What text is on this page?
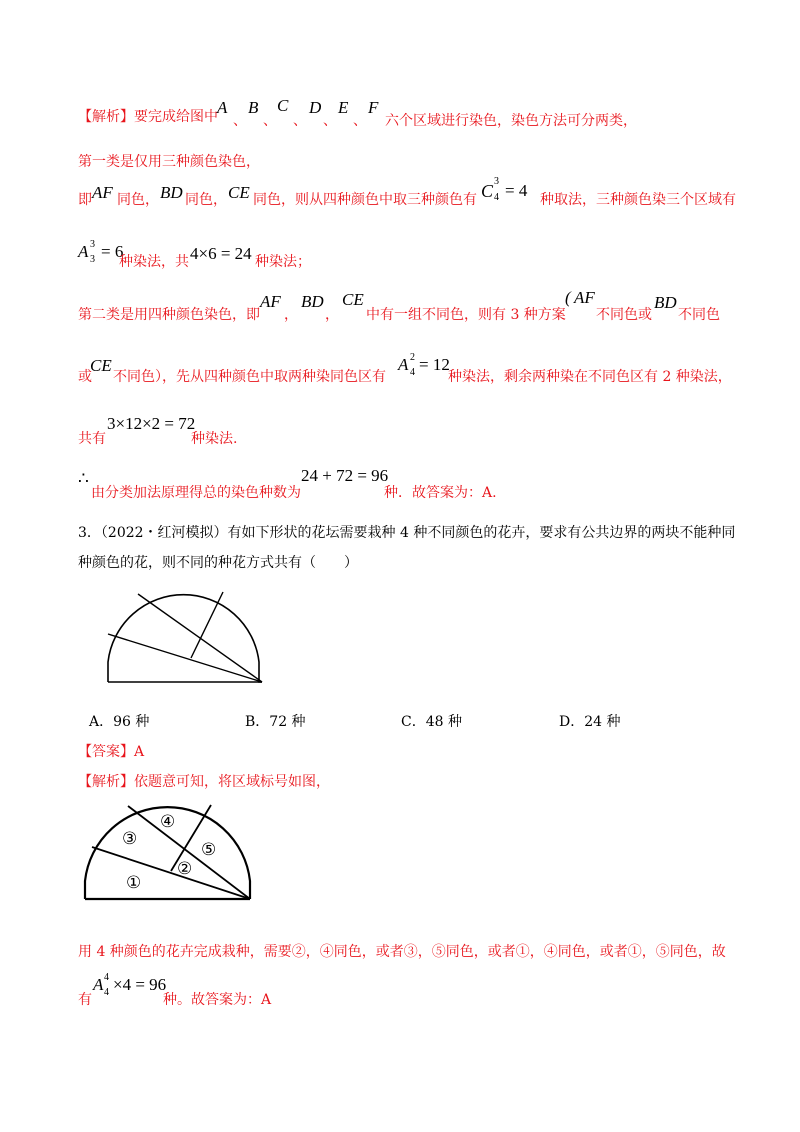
【解析】要完成给图中 A
、
B
、
C
、
D
、
E
、
F
六个区域进行染色，染色方法可分两类，
第一类是仅用三种颜色染色，
即 AF 同色， BD 同色， CE 同色，则从四种颜色中取三种颜色有 C 3
4 = 4 种取法，三种颜色染三个区域有
A 3
3 = 6
种染法，共 4×6 = 24 种染法；
第二类是用四种颜色染色，即
AF
，
BD
，
CE
中有一组不同色，则有 3 种方案
( AF
不同色或
BD
不同色
或
CE
不同色），先从四种颜色中取两种染同色区有
A 2
4 = 12
种染法，剩余两种染在不同色区有 2 种染法，
共有
3×12×2 = 72
种染法.
∴
由分类加法原理得总的染色种数为
24 + 72 = 96
种．故答案为：A.
3．（2022・红河模拟）有如下形状的花坛需要栽种 4 种不同颜色的花卉，要求有公共边界的两块不能种同
种颜色的花，则不同的种花方式共有（　　）
A．96 种	B．72 种	C．48 种	D．24 种
【答案】A
【解析】依题意可知，将区域标号如图，
①
②
③
④
⑤
用 4 种颜色的花卉完成栽种，需要②，④同色，或者③，⑤同色，或者①，④同色，或者①，⑤同色，故
有
A 4
4 ×4 = 96
种。故答案为：A
